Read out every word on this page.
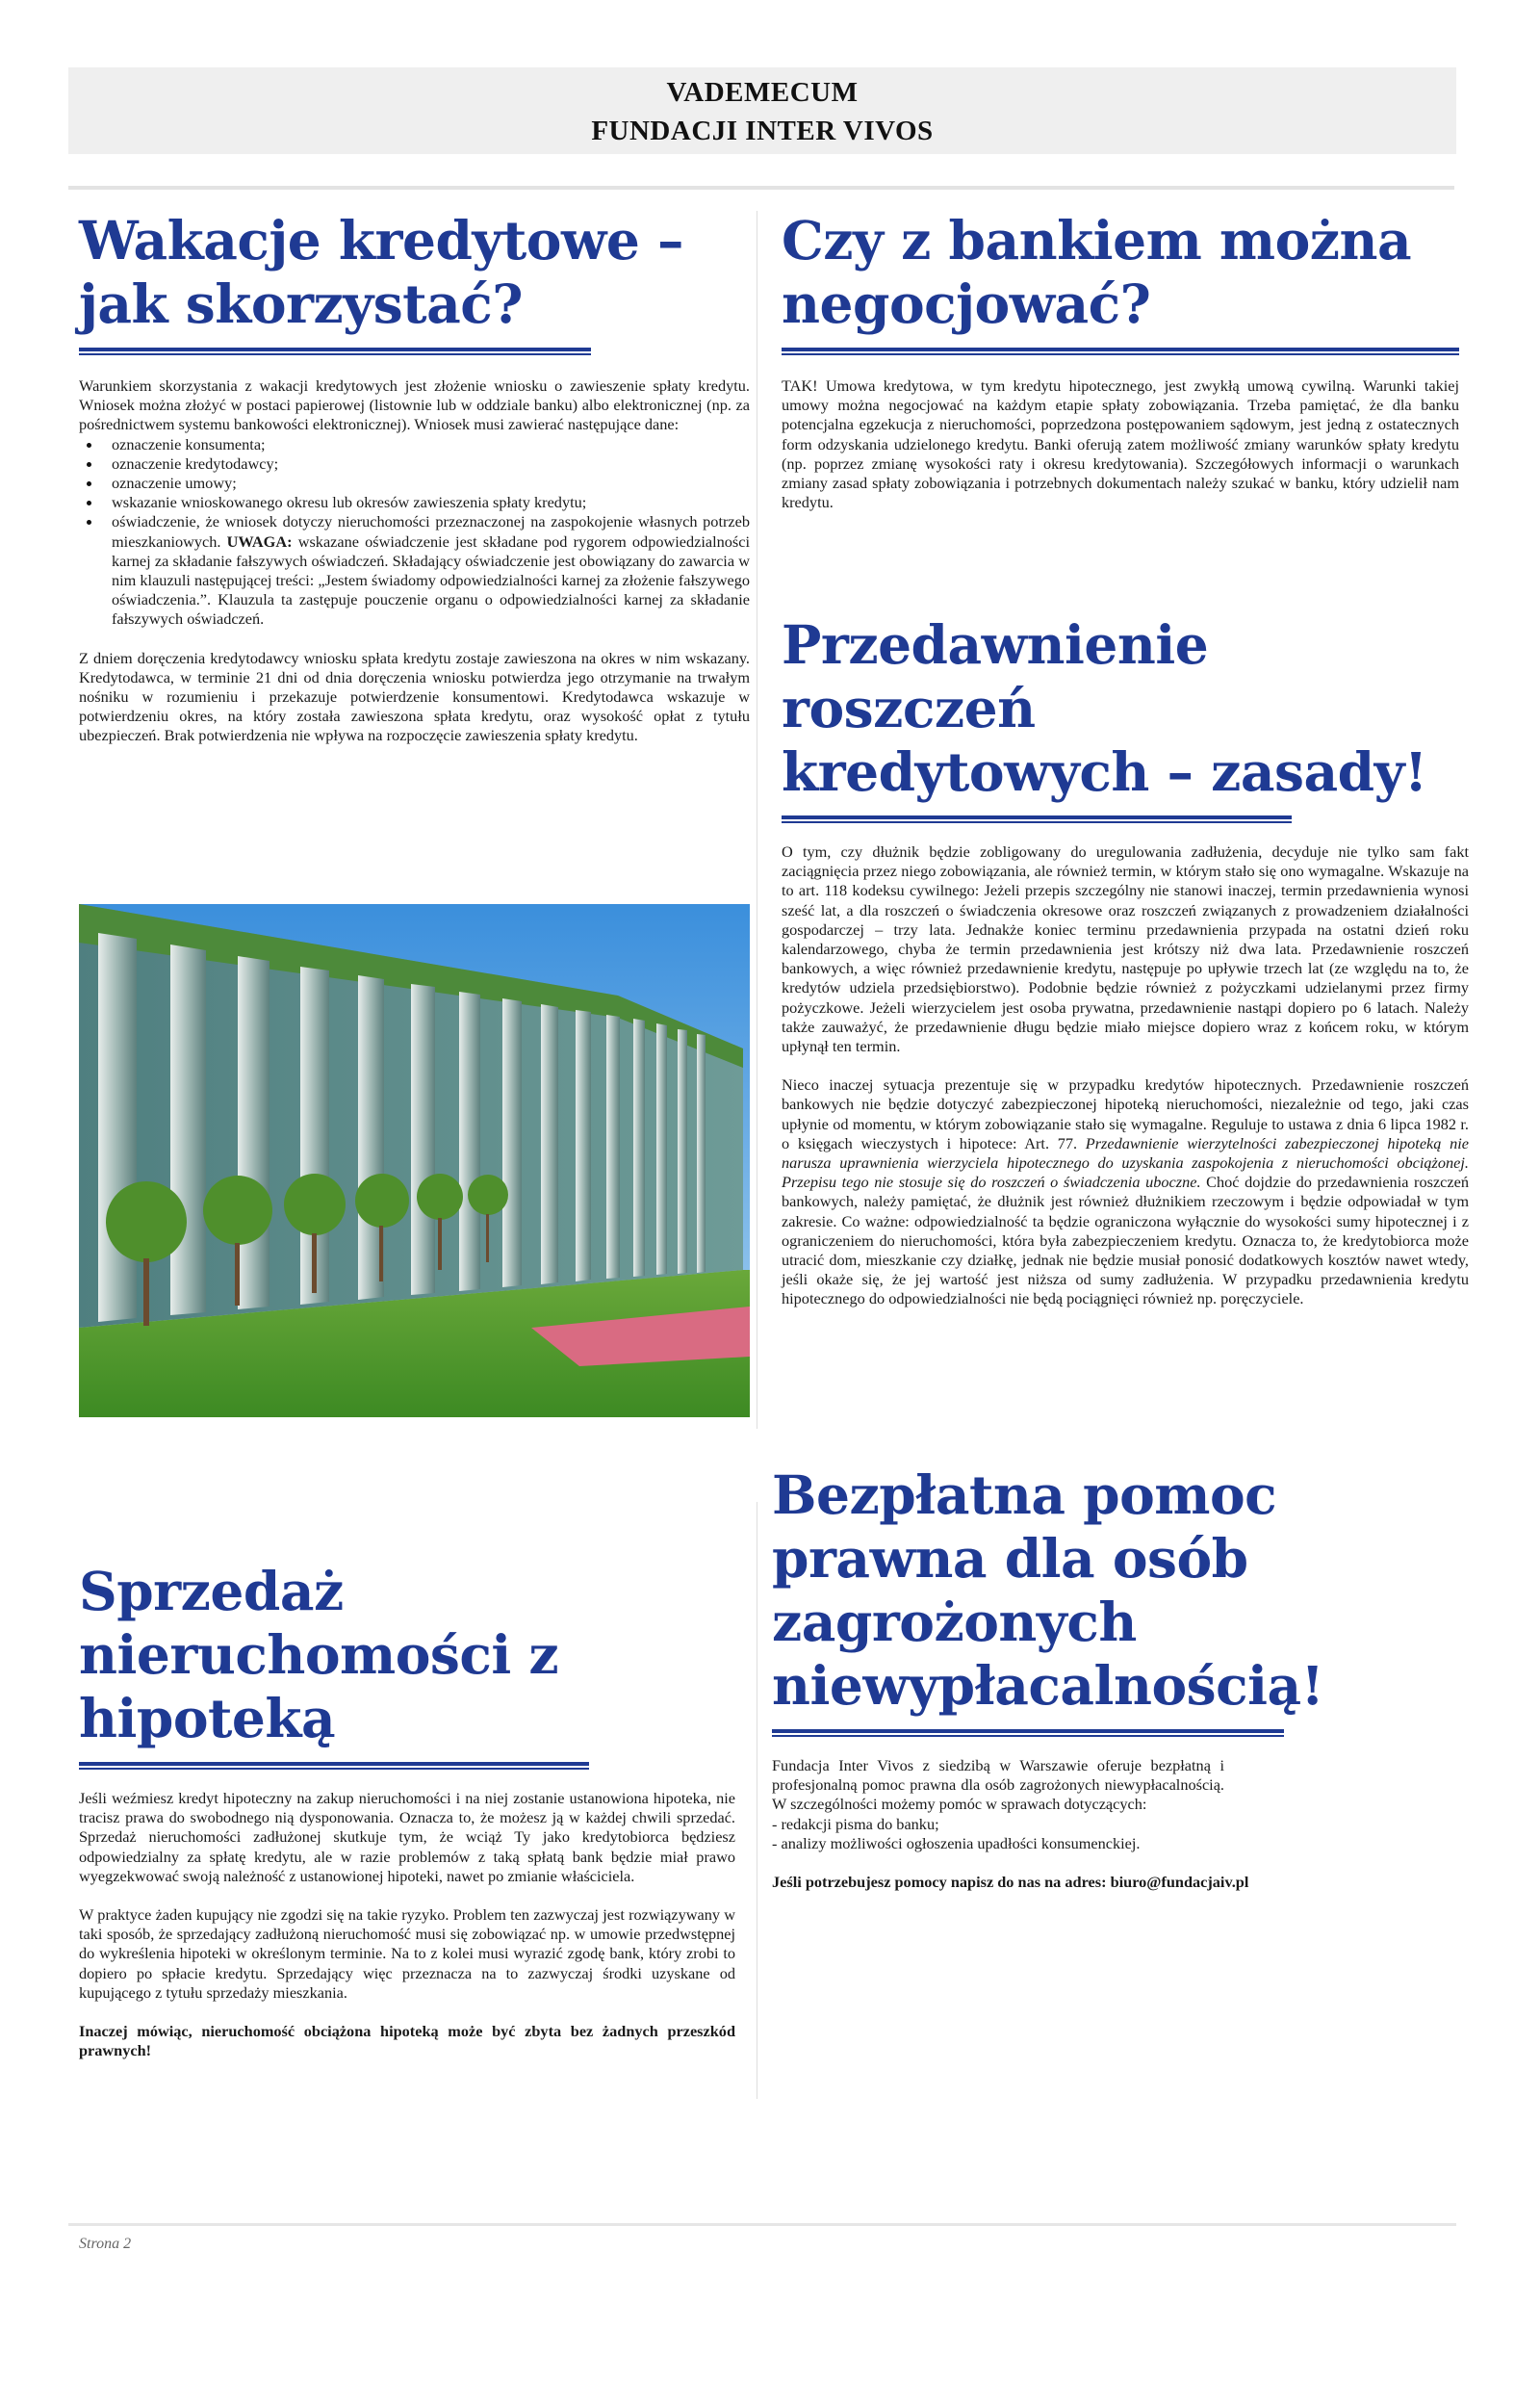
VADEMECUM
FUNDACJI INTER VIVOS
Wakacje kredytowe –
jak skorzystać?

Warunkiem skorzystania z wakacji kredytowych jest złożenie wniosku o zawieszenie spłaty kredytu. Wniosek można złożyć w postaci papierowej (listownie lub w oddziale banku) albo elektronicznej (np. za pośrednictwem systemu bankowości elektronicznej). Wniosek musi zawierać następujące dane:

oznaczenie konsumenta;
oznaczenie kredytodawcy;
oznaczenie umowy;
wskazanie wnioskowanego okresu lub okresów zawieszenia spłaty kredytu;
oświadczenie, że wniosek dotyczy nieruchomości przeznaczonej na zaspokojenie własnych potrzeb mieszkaniowych. UWAGA: wskazane oświadczenie jest składane pod rygorem odpowiedzialności karnej za składanie fałszywych oświadczeń. Składający oświadczenie jest obowiązany do zawarcia w nim klauzuli następującej treści: „Jestem świadomy odpowiedzialności karnej za złożenie fałszywego oświadczenia.”. Klauzula ta zastępuje pouczenie organu o odpowiedzialności karnej za składanie fałszywych oświadczeń.

Z dniem doręczenia kredytodawcy wniosku spłata kredytu zostaje zawieszona na okres w nim wskazany. Kredytodawca, w terminie 21 dni od dnia doręczenia wniosku potwierdza jego otrzymanie na trwałym nośniku w rozumieniu i przekazuje potwierdzenie konsumentowi. Kredytodawca wskazuje w potwierdzeniu okres, na który została zawieszona spłata kredytu, oraz wysokość opłat z tytułu ubezpieczeń. Brak potwierdzenia nie wpływa na rozpoczęcie zawieszenia spłaty kredytu.

Czy z bankiem można
negocjować?

TAK! Umowa kredytowa, w tym kredytu hipotecznego, jest zwykłą umową cywilną. Warunki takiej umowy można negocjować na każdym etapie spłaty zobowiązania. Trzeba pamiętać, że dla banku potencjalna egzekucja z nieruchomości, poprzedzona postępowaniem sądowym, jest jedną z ostatecznych form odzyskania udzielonego kredytu. Banki oferują zatem możliwość zmiany warunków spłaty kredytu (np. poprzez zmianę wysokości raty i okresu kredytowania). Szczegółowych informacji o warunkach zmiany zasad spłaty zobowiązania i potrzebnych dokumentach należy szukać w banku, który udzielił nam kredytu.

Przedawnienie roszczeń
kredytowych – zasady!

O tym, czy dłużnik będzie zobligowany do uregulowania zadłużenia, decyduje nie tylko sam fakt zaciągnięcia przez niego zobowiązania, ale również termin, w którym stało się ono wymagalne. Wskazuje na to art. 118 kodeksu cywilnego: Jeżeli przepis szczególny nie stanowi inaczej, termin przedawnienia wynosi sześć lat, a dla roszczeń o świadczenia okresowe oraz roszczeń związanych z prowadzeniem działalności gospodarczej – trzy lata. Jednakże koniec terminu przedawnienia przypada na ostatni dzień roku kalendarzowego, chyba że termin przedawnienia jest krótszy niż dwa lata. Przedawnienie roszczeń bankowych, a więc również przedawnienie kredytu, następuje po upływie trzech lat (ze względu na to, że kredytów udziela przedsiębiorstwo). Podobnie będzie również z pożyczkami udzielanymi przez firmy pożyczkowe. Jeżeli wierzycielem jest osoba prywatna, przedawnienie nastąpi dopiero po 6 latach. Należy także zauważyć, że przedawnienie długu będzie miało miejsce dopiero wraz z końcem roku, w którym upłynął ten termin.

Nieco inaczej sytuacja prezentuje się w przypadku kredytów hipotecznych. Przedawnienie roszczeń bankowych nie będzie dotyczyć zabezpieczonej hipoteką nieruchomości, niezależnie od tego, jaki czas upłynie od momentu, w którym zobowiązanie stało się wymagalne. Reguluje to ustawa z dnia 6 lipca 1982 r. o księgach wieczystych i hipotece: Art. 77. Przedawnienie wierzytelności zabezpieczonej hipoteką nie narusza uprawnienia wierzyciela hipotecznego do uzyskania zaspokojenia z nieruchomości obciążonej. Przepisu tego nie stosuje się do roszczeń o świadczenia uboczne. Choć dojdzie do przedawnienia roszczeń bankowych, należy pamiętać, że dłużnik jest również dłużnikiem rzeczowym i będzie odpowiadał w tym zakresie. Co ważne: odpowiedzialność ta będzie ograniczona wyłącznie do wysokości sumy hipotecznej i z ograniczeniem do nieruchomości, która była zabezpieczeniem kredytu. Oznacza to, że kredytobiorca może utracić dom, mieszkanie czy działkę, jednak nie będzie musiał ponosić dodatkowych kosztów nawet wtedy, jeśli okaże się, że jej wartość jest niższa od sumy zadłużenia. W przypadku przedawnienia kredytu hipotecznego do odpowiedzialności nie będą pociągnięci również np. poręczyciele.

Sprzedaż
nieruchomości z
hipoteką

Jeśli weźmiesz kredyt hipoteczny na zakup nieruchomości i na niej zostanie ustanowiona hipoteka, nie tracisz prawa do swobodnego nią dysponowania. Oznacza to, że możesz ją w każdej chwili sprzedać. Sprzedaż nieruchomości zadłużonej skutkuje tym, że wciąż Ty jako kredytobiorca będziesz odpowiedzialny za spłatę kredytu, ale w razie problemów z taką spłatą bank będzie miał prawo wyegzekwować swoją należność z ustanowionej hipoteki, nawet po zmianie właściciela.

W praktyce żaden kupujący nie zgodzi się na takie ryzyko. Problem ten zazwyczaj jest rozwiązywany w taki sposób, że sprzedający zadłużoną nieruchomość musi się zobowiązać np. w umowie przedwstępnej do wykreślenia hipoteki w określonym terminie. Na to z kolei musi wyrazić zgodę bank, który zrobi to dopiero po spłacie kredytu. Sprzedający więc przeznacza na to zazwyczaj środki uzyskane od kupującego z tytułu sprzedaży mieszkania.

Inaczej mówiąc, nieruchomość obciążona hipoteką może być zbyta bez żadnych przeszkód prawnych!

Bezpłatna pomoc
prawna dla osób
zagrożonych
niewypłacalnością!

Fundacja Inter Vivos z siedzibą w Warszawie oferuje bezpłatną i profesjonalną pomoc prawna dla osób zagrożonych niewypłacalnością. W szczególności możemy pomóc w sprawach dotyczących:

- redakcji pisma do banku;

- analizy możliwości ogłoszenia upadłości konsumenckiej.

Jeśli potrzebujesz pomocy napisz do nas na adres: biuro@fundacjaiv.pl
Strona 2
